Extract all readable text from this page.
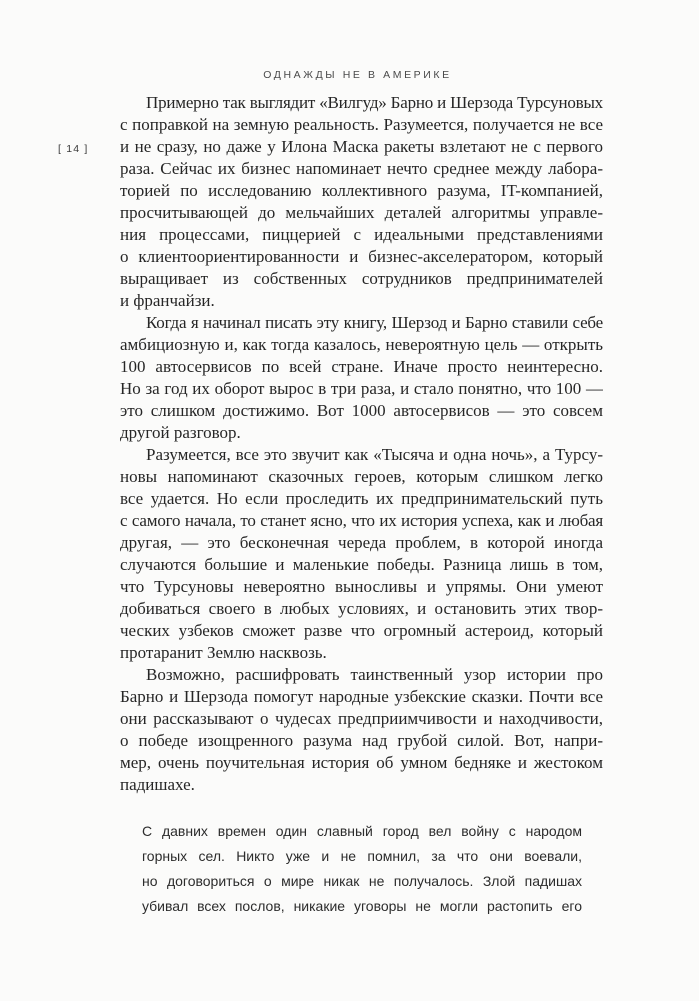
ОДНАЖДЫ НЕ В АМЕРИКЕ
[ 14 ]
Примерно так выглядит «Вилгуд» Барно и Шерзода Турсуновых
с поправкой на земную реальность. Разумеется, получается не все
и не сразу, но даже у Илона Маска ракеты взлетают не с первого
раза. Сейчас их бизнес напоминает нечто среднее между лабора-
торией по исследованию коллективного разума, IT-компанией,
просчитывающей до мельчайших деталей алгоритмы управле-
ния процессами, пиццерией с идеальными представлениями
о клиентоориентированности и бизнес-акселератором, который
выращивает из собственных сотрудников предпринимателей
и франчайзи.
Когда я начинал писать эту книгу, Шерзод и Барно ставили себе
амбициозную и, как тогда казалось, невероятную цель — открыть
100 автосервисов по всей стране. Иначе просто неинтересно.
Но за год их оборот вырос в три раза, и стало понятно, что 100 —
это слишком достижимо. Вот 1000 автосервисов — это совсем
другой разговор.
Разумеется, все это звучит как «Тысяча и одна ночь», а Турсу-
новы напоминают сказочных героев, которым слишком легко
все удается. Но если проследить их предпринимательский путь
с самого начала, то станет ясно, что их история успеха, как и любая
другая, — это бесконечная череда проблем, в которой иногда
случаются большие и маленькие победы. Разница лишь в том,
что Турсуновы невероятно выносливы и упрямы. Они умеют
добиваться своего в любых условиях, и остановить этих твор-
ческих узбеков сможет разве что огромный астероид, который
протаранит Землю насквозь.
Возможно, расшифровать таинственный узор истории про
Барно и Шерзода помогут народные узбекские сказки. Почти все
они рассказывают о чудесах предприимчивости и находчивости,
о победе изощренного разума над грубой силой. Вот, напри-
мер, очень поучительная история об умном бедняке и жестоком
падишахе.
С давних времен один славный город вел войну с народом
горных сел. Никто уже и не помнил, за что они воевали,
но договориться о мире никак не получалось. Злой падишах
убивал всех послов, никакие уговоры не могли растопить его
